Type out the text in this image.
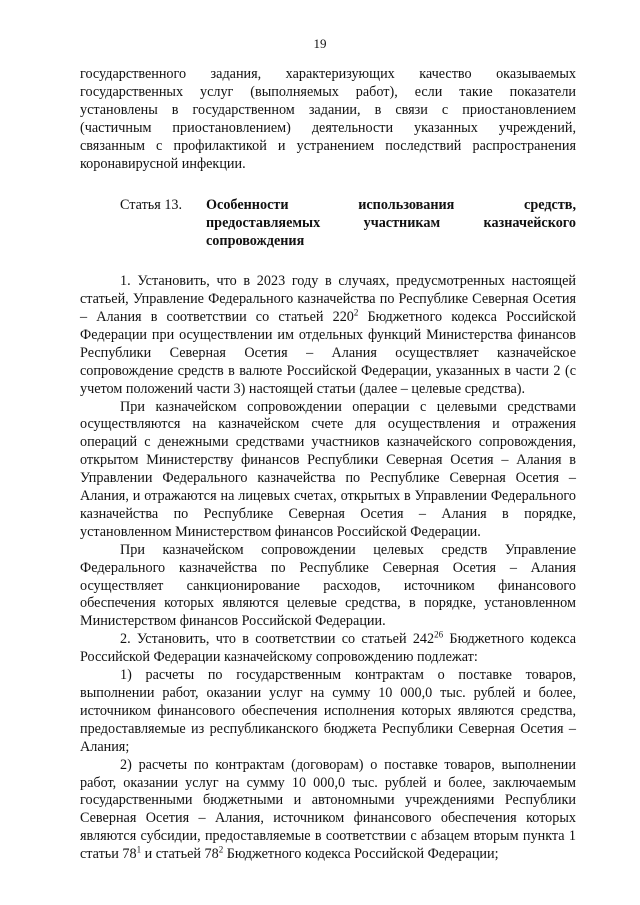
19
государственного задания, характеризующих качество оказываемых
государственных услуг (выполняемых работ), если такие показатели
установлены в государственном задании, в связи с приостановлением
(частичным приостановлением) деятельности указанных учреждений,
связанным с профилактикой и устранением последствий распространения
коронавирусной инфекции.
Статья 13.	Особенности использования средств,
предоставляемых участникам казначейского
сопровождения

1. Установить, что в 2023 году в случаях, предусмотренных настоящей статьей, Управление Федерального казначейства по Республике Северная Осетия – Алания в соответствии со статьей $220^2$ Бюджетного кодекса Российской Федерации при осуществлении им отдельных функций Министерства финансов Республики Северная Осетия – Алания осуществляет казначейское сопровождение средств в валюте Российской Федерации, указанных в части 2 (с учетом положений части 3) настоящей статьи (далее – целевые средства).

При казначейском сопровождении операции с целевыми средствами осуществляются на казначейском счете для осуществления и отражения операций с денежными средствами участников казначейского сопровождения, открытом Министерству финансов Республики Северная Осетия – Алания в Управлении Федерального казначейства по Республике Северная Осетия – Алания, и отражаются на лицевых счетах, открытых в Управлении Федерального казначейства по Республике Северная Осетия – Алания в порядке, установленном Министерством финансов Российской Федерации.

При казначейском сопровождении целевых средств Управление Федерального казначейства по Республике Северная Осетия – Алания осуществляет санкционирование расходов, источником финансового обеспечения которых являются целевые средства, в порядке, установленном Министерством финансов Российской Федерации.

2. Установить, что в соответствии со статьей $242^{26}$ Бюджетного кодекса Российской Федерации казначейскому сопровождению подлежат:

1) расчеты по государственным контрактам о поставке товаров, выполнении работ, оказании услуг на сумму 10 000,0 тыс. рублей и более, источником финансового обеспечения исполнения которых являются средства, предоставляемые из республиканского бюджета Республики Северная Осетия – Алания;

2) расчеты по контрактам (договорам) о поставке товаров, выполнении работ, оказании услуг на сумму 10 000,0 тыс. рублей и более, заключаемым государственными бюджетными и автономными учреждениями Республики Северная Осетия – Алания, источником финансового обеспечения которых являются субсидии, предоставляемые в соответствии с абзацем вторым пункта 1 статьи $78^1$ и статьей $78^2$ Бюджетного кодекса Российской Федерации;
